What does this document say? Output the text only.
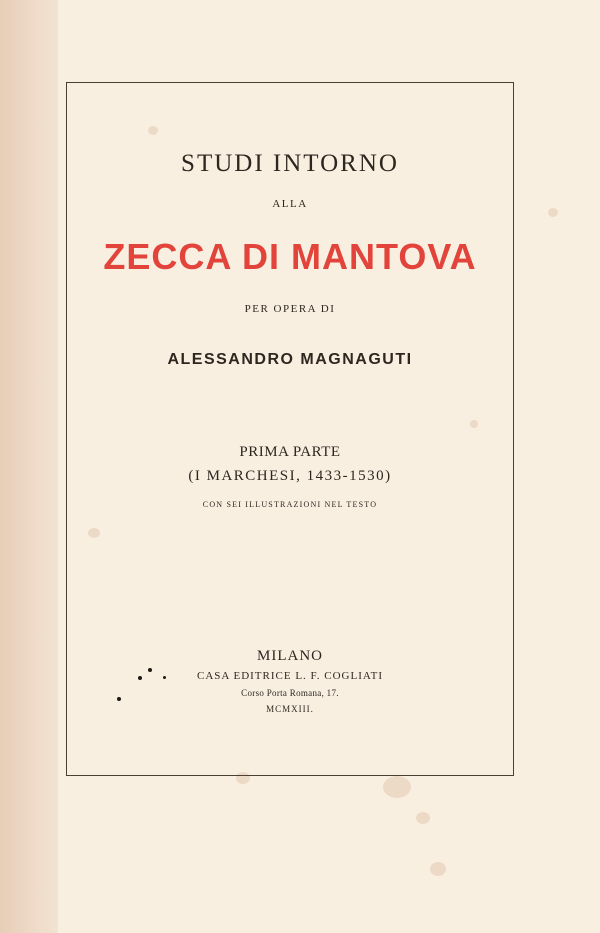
STUDI INTORNO
ALLA
ZECCA DI MANTOVA
PER OPERA DI
ALESSANDRO MAGNAGUTI
PRIMA PARTE
(I MARCHESI, 1433-1530)
CON SEI ILLUSTRAZIONI NEL TESTO
MILANO
CASA EDITRICE L. F. COGLIATI
Corso Porta Romana, 17.
MCMXIII.
